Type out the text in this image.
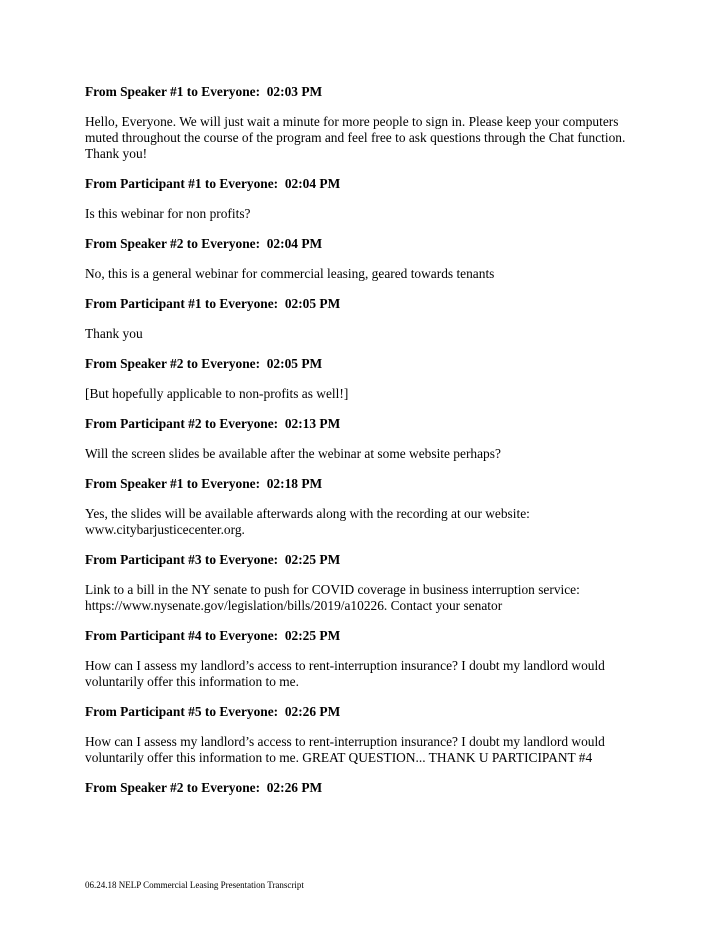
From Speaker #1 to Everyone:  02:03 PM

Hello, Everyone. We will just wait a minute for more people to sign in. Please keep your computers muted throughout the course of the program and feel free to ask questions through the Chat function. Thank you!

From Participant #1 to Everyone:  02:04 PM

Is this webinar for non profits?

From Speaker #2 to Everyone:  02:04 PM

No, this is a general webinar for commercial leasing, geared towards tenants

From Participant #1 to Everyone:  02:05 PM

Thank you

From Speaker #2 to Everyone:  02:05 PM

[But hopefully applicable to non-profits as well!]

From Participant #2 to Everyone:  02:13 PM

Will the screen slides be available after the webinar at some website perhaps?

From Speaker #1 to Everyone:  02:18 PM

Yes, the slides will be available afterwards along with the recording at our website: www.citybarjusticecenter.org.

From Participant #3 to Everyone:  02:25 PM

Link to a bill in the NY senate to push for COVID coverage in business interruption service: https://www.nysenate.gov/legislation/bills/2019/a10226. Contact your senator

From Participant #4 to Everyone:  02:25 PM

How can I assess my landlord’s access to rent-interruption insurance? I doubt my landlord would voluntarily offer this information to me.

From Participant #5 to Everyone:  02:26 PM

How can I assess my landlord’s access to rent-interruption insurance? I doubt my landlord would voluntarily offer this information to me. GREAT QUESTION... THANK U PARTICIPANT #4

From Speaker #2 to Everyone:  02:26 PM

06.24.18 NELP Commercial Leasing Presentation Transcript
